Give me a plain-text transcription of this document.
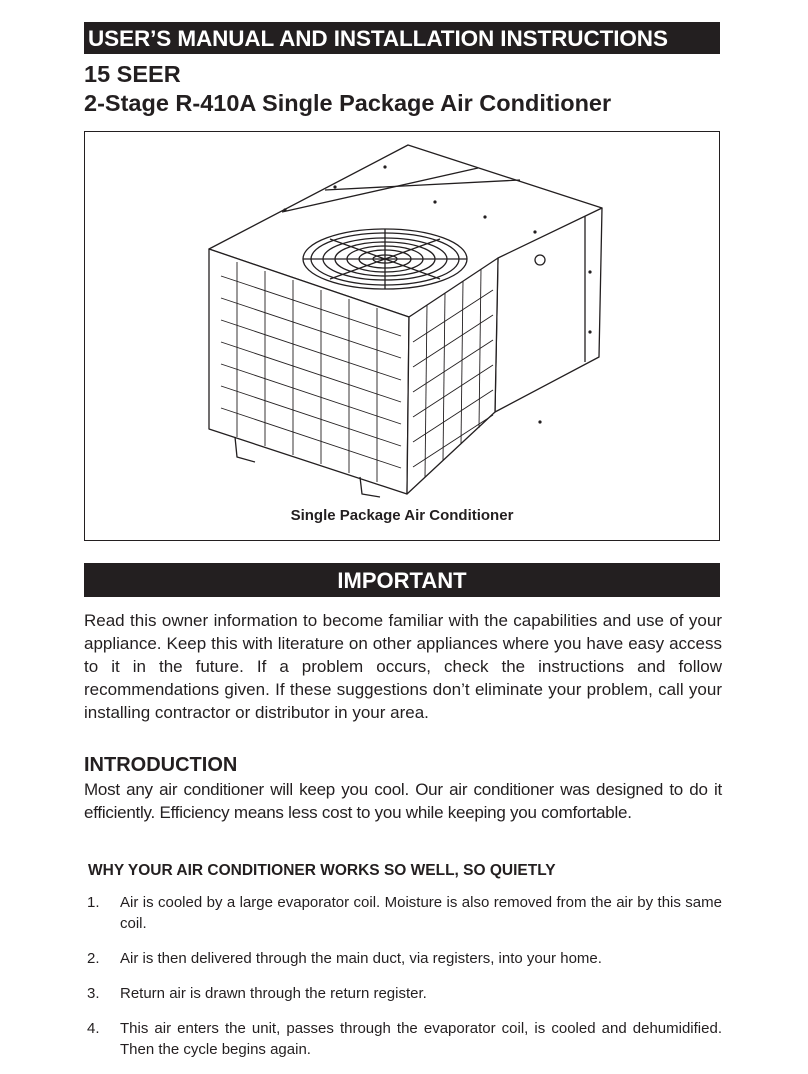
USER’S MANUAL AND INSTALLATION INSTRUCTIONS
15 SEER
2-Stage R-410A Single Package Air Conditioner
Single Package Air Conditioner
IMPORTANT
Read this owner information to become familiar with the capabilities and use of your appliance. Keep this with literature on other appliances where you have easy access to it in the future. If a problem occurs, check the instructions and follow recommendations given. If these suggestions don’t eliminate your problem, call your installing contractor or distributor in your area.
INTRODUCTION
Most any air conditioner will keep you cool. Our air conditioner was designed to do it efficiently. Efficiency means less cost to you while keeping you comfortable.
WHY YOUR AIR CONDITIONER WORKS SO WELL, SO QUIETLY
1. Air is cooled by a large evaporator coil. Moisture is also removed from the air by this same coil.
2. Air is then delivered through the main duct, via registers, into your home.
3. Return air is drawn through the return register.
4. This air enters the unit, passes through the evaporator coil, is cooled and dehumidified. Then the cycle begins again.
